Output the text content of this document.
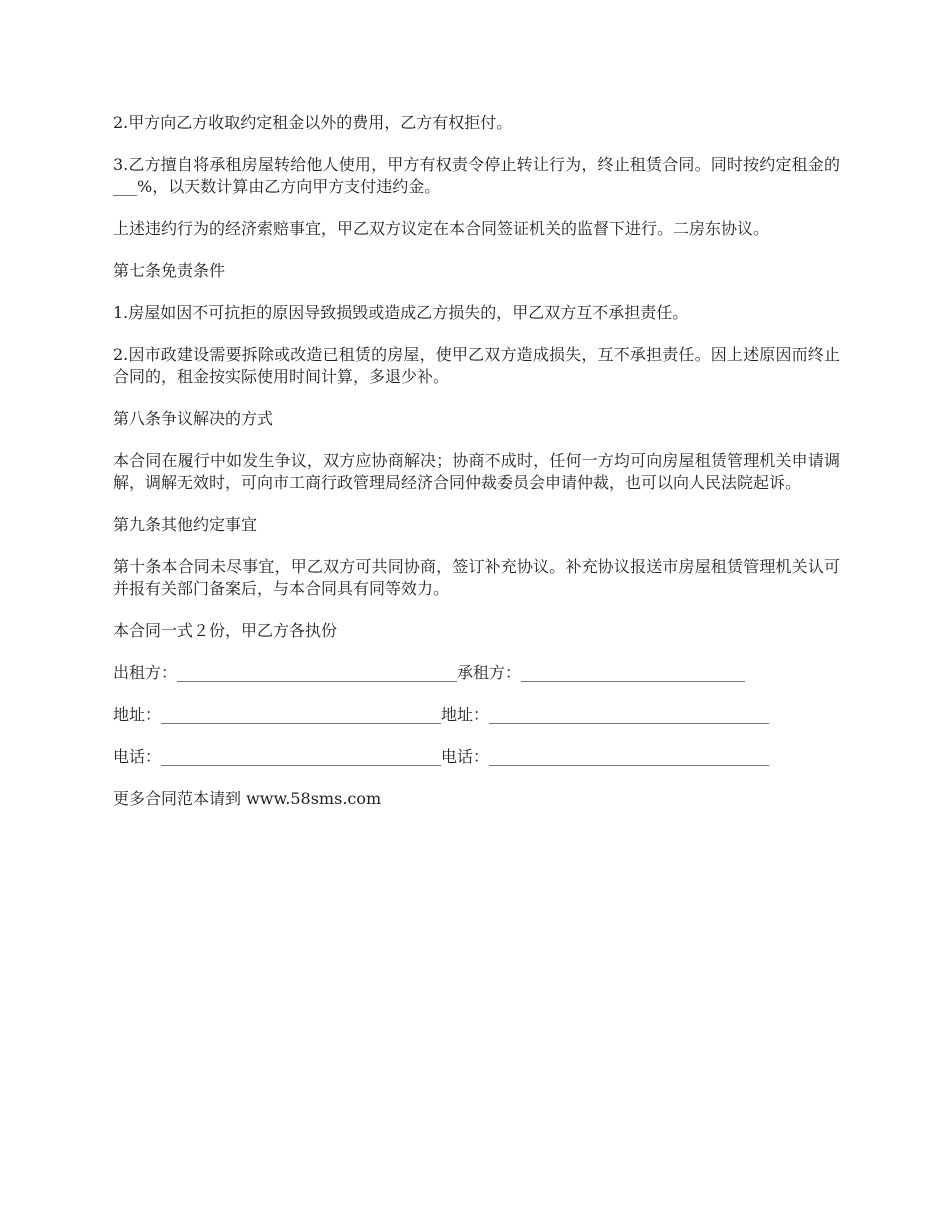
2.甲方向乙方收取约定租金以外的费用，乙方有权拒付。

3.乙方擅自将承租房屋转给他人使用，甲方有权责令停止转让行为，终止租赁合同。同时按约定租金的___%，以天数计算由乙方向甲方支付违约金。

上述违约行为的经济索赔事宜，甲乙双方议定在本合同签证机关的监督下进行。二房东协议。

第七条免责条件

1.房屋如因不可抗拒的原因导致损毁或造成乙方损失的，甲乙双方互不承担责任。

2.因市政建设需要拆除或改造已租赁的房屋，使甲乙双方造成损失，互不承担责任。因上述原因而终止合同的，租金按实际使用时间计算，多退少补。

第八条争议解决的方式

本合同在履行中如发生争议，双方应协商解决；协商不成时，任何一方均可向房屋租赁管理机关申请调解，调解无效时，可向市工商行政管理局经济合同仲裁委员会申请仲裁，也可以向人民法院起诉。

第九条其他约定事宜

第十条本合同未尽事宜，甲乙双方可共同协商，签订补充协议。补充协议报送市房屋租赁管理机关认可并报有关部门备案后，与本合同具有同等效力。

本合同一式２份，甲乙方各执份

出租方：___________________________________承租方：____________________________

地址：___________________________________地址：___________________________________

电话：___________________________________电话：___________________________________

更多合同范本请到 www.58sms.com
